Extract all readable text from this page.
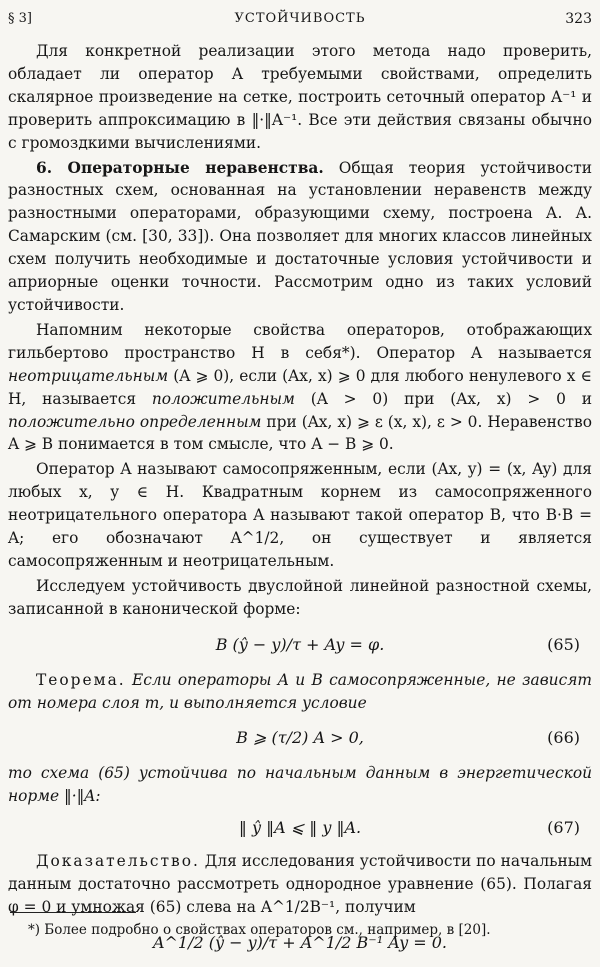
§ 3]	УСТОЙЧИВОСТЬ	323

Для конкретной реализации этого метода надо проверить, обладает ли оператор A требуемыми свойствами, определить скалярное произведение на сетке, построить сеточный оператор A⁻¹ и проверить аппроксимацию в ‖·‖A⁻¹. Все эти действия связаны обычно с громоздкими вычислениями.

6. Операторные неравенства. Общая теория устойчивости разностных схем, основанная на установлении неравенств между разностными операторами, образующими схему, построена А. А. Самарским (см. [30, 33]). Она позволяет для многих классов линейных схем получить необходимые и достаточные условия устойчивости и априорные оценки точности. Рассмотрим одно из таких условий устойчивости.

Напомним некоторые свойства операторов, отображающих гильбертово пространство H в себя*). Оператор A называется неотрицательным (A ⩾ 0), если (Ax, x) ⩾ 0 для любого ненулевого x ∈ H, называется положительным (A > 0) при (Ax, x) > 0 и положительно определенным при (Ax, x) ⩾ ε (x, x), ε > 0. Неравенство A ⩾ B понимается в том смысле, что A − B ⩾ 0.

Оператор A называют самосопряженным, если (Ax, y) = (x, Ay) для любых x, y ∈ H. Квадратным корнем из самосопряженного неотрицательного оператора A называют такой оператор B, что B·B = A; его обозначают A^1/2, он существует и является самосопряженным и неотрицательным.

Исследуем устойчивость двуслойной линейной разностной схемы, записанной в канонической форме:

B (ŷ − y)/τ + Ay = φ.	(65)

Теорема. Если операторы A и B самосопряженные, не зависят от номера слоя m, и выполняется условие

B ⩾ (τ/2) A > 0,	(66)

то схема (65) устойчива по начальным данным в энергетической норме ‖·‖A:

‖ ŷ ‖A ⩽ ‖ y ‖A.	(67)

Доказательство. Для исследования устойчивости по начальным данным достаточно рассмотреть однородное уравнение (65). Полагая φ = 0 и умножая (65) слева на A^1/2B⁻¹, получим

A^1/2 (ŷ − y)/τ + A^1/2 B⁻¹ Ay = 0.
*) Более подробно о свойствах операторов см., например, в [20].
